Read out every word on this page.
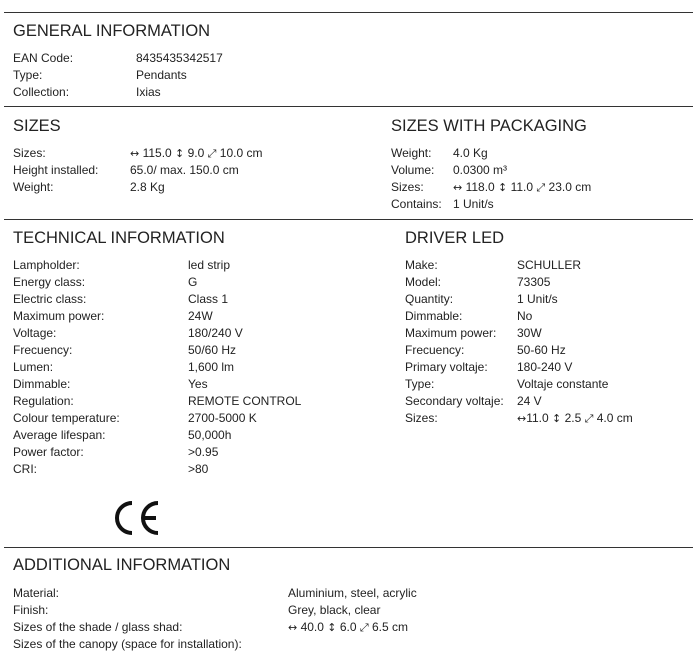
GENERAL INFORMATION
EAN Code:	8435435342517
Type:	Pendants
Collection:	Ixias
SIZES
Sizes:	↔ 115.0 ↕ 9.0 ⤢ 10.0 cm
Height installed:	65.0/ max. 150.0 cm
Weight:	2.8 Kg
SIZES WITH PACKAGING
Weight: 4.0 Kg
Volume: 0.0300 m³
Sizes:	↔ 118.0 ↕ 11.0 ⤢ 23.0 cm
Contains: 1 Unit/s
TECHNICAL INFORMATION
Lampholder:	led strip
Energy class:	G
Electric class:	Class 1
Maximum power:	24W
Voltage:	180/240 V
Frecuency:	50/60 Hz
Lumen:	1,600 lm
Dimmable:	Yes
Regulation:	REMOTE CONTROL
Colour temperature:	2700-5000 K
Average lifespan:	50,000h
Power factor:	>0.95
CRI:	>80
DRIVER LED
Make:	SCHULLER
Model:	73305
Quantity:	1 Unit/s
Dimmable:	No
Maximum power: 30W
Frecuency:	50-60 Hz
Primary voltaje: 180-240 V
Type:	Voltaje constante
Secondary voltaje: 24 V
Sizes:	↔11.0 ↕ 2.5 ⤢ 4.0 cm
ADDITIONAL INFORMATION
Material:	Aluminium, steel, acrylic
Finish:	Grey, black, clear
Sizes of the shade / glass shad:	↔ 40.0 ↕ 6.0 ⤢ 6.5 cm
Sizes of the canopy (space for installation):
